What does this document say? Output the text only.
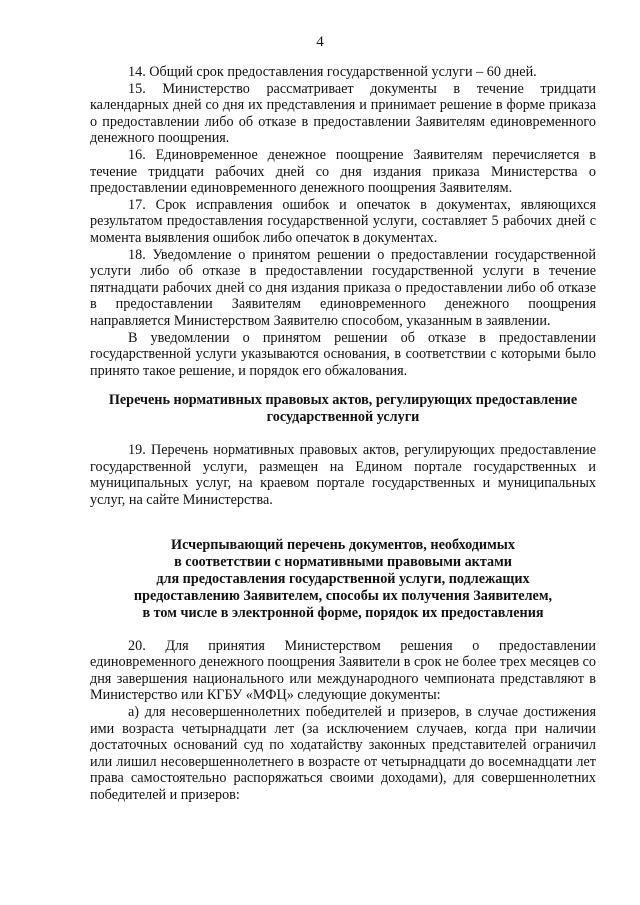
4

14. Общий срок предоставления государственной услуги – 60 дней.

15. Министерство рассматривает документы в течение тридцати календарных дней со дня их представления и принимает решение в форме приказа о предоставлении либо об отказе в предоставлении Заявителям единовременного денежного поощрения.

16. Единовременное денежное поощрение Заявителям перечисляется в течение тридцати рабочих дней со дня издания приказа Министерства о предоставлении единовременного денежного поощрения Заявителям.

17. Срок исправления ошибок и опечаток в документах, являющихся результатом предоставления государственной услуги, составляет 5 рабочих дней с момента выявления ошибок либо опечаток в документах.

18. Уведомление о принятом решении о предоставлении государственной услуги либо об отказе в предоставлении государственной услуги в течение пятнадцати рабочих дней со дня издания приказа о предоставлении либо об отказе в предоставлении Заявителям единовременного денежного поощрения направляется Министерством Заявителю способом, указанным в заявлении.

В уведомлении о принятом решении об отказе в предоставлении государственной услуги указываются основания, в соответствии с которыми было принято такое решение, и порядок его обжалования.

Перечень нормативных правовых актов, регулирующих предоставление
государственной услуги

19. Перечень нормативных правовых актов, регулирующих предоставление государственной услуги, размещен на Едином портале государственных и муниципальных услуг, на краевом портале государственных и муниципальных услуг, на сайте Министерства.

Исчерпывающий перечень документов, необходимых
в соответствии с нормативными правовыми актами
для предоставления государственной услуги, подлежащих
предоставлению Заявителем, способы их получения Заявителем,
в том числе в электронной форме, порядок их предоставления

20. Для принятия Министерством решения о предоставлении единовременного денежного поощрения Заявители в срок не более трех месяцев со дня завершения национального или международного чемпионата представляют в Министерство или КГБУ «МФЦ» следующие документы:

а) для несовершеннолетних победителей и призеров, в случае достижения ими возраста четырнадцати лет (за исключением случаев, когда при наличии достаточных оснований суд по ходатайству законных представителей ограничил или лишил несовершеннолетнего в возрасте от четырнадцати до восемнадцати лет права самостоятельно распоряжаться своими доходами), для совершеннолетних победителей и призеров:
